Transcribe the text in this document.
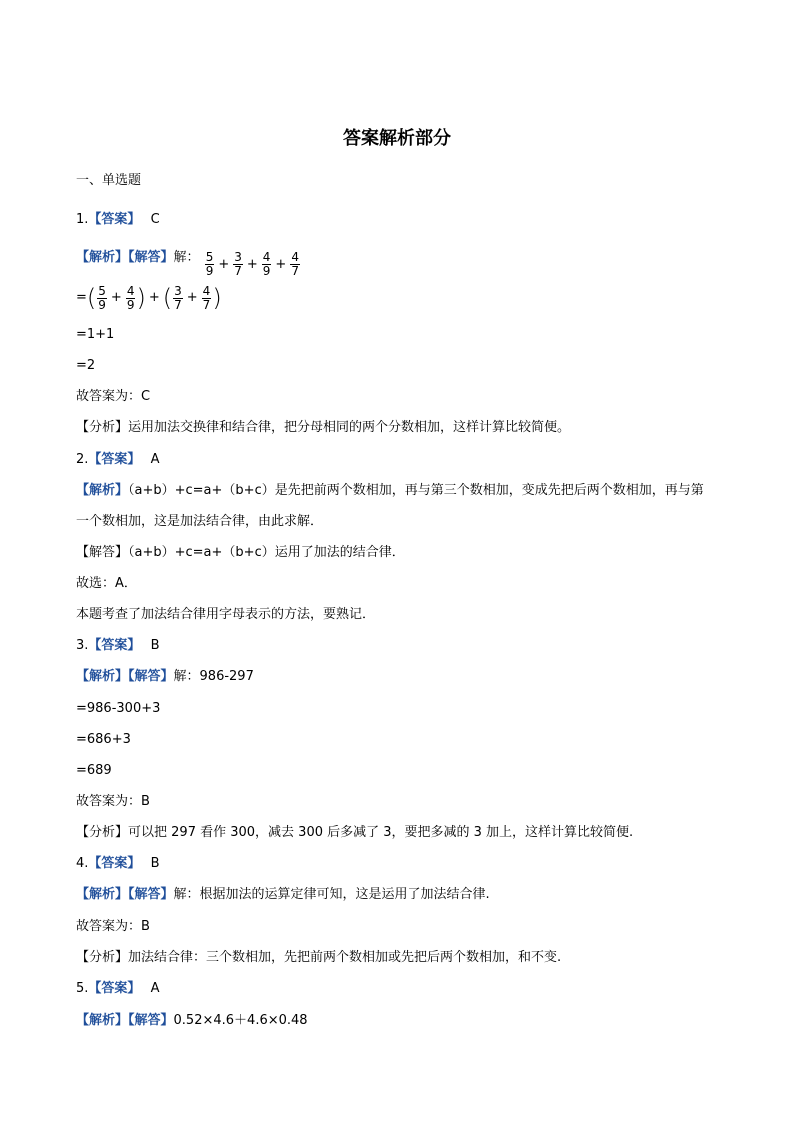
答案解析部分
一、单选题
1.【答案】 C
【解析】【解答】解： $\frac{5}{9} + \frac{3}{7} + \frac{4}{9} + \frac{4}{7}$
= ( $\frac{5}{9} + \frac{4}{9}$ ) + ( $\frac{3}{7} + \frac{4}{7}$ )
=1+1
=2
故答案为：C
【分析】运用加法交换律和结合律，把分母相同的两个分数相加，这样计算比较简便。
2.【答案】 A
【解析】（a+b）+c=a+（b+c）是先把前两个数相加，再与第三个数相加，变成先把后两个数相加，再与第
一个数相加，这是加法结合律，由此求解．
【解答】（a+b）+c=a+（b+c）运用了加法的结合律．
故选：A．
本题考查了加法结合律用字母表示的方法，要熟记．
3.【答案】 B
【解析】【解答】解：986-297
=986-300+3
=686+3
=689
故答案为：B
【分析】可以把 297 看作 300，减去 300 后多减了 3，要把多减的 3 加上，这样计算比较简便.
4.【答案】 B
【解析】【解答】解：根据加法的运算定律可知，这是运用了加法结合律.
故答案为：B
【分析】加法结合律：三个数相加，先把前两个数相加或先把后两个数相加，和不变.
5.【答案】 A
【解析】【解答】0.52×4.6＋4.6×0.48
